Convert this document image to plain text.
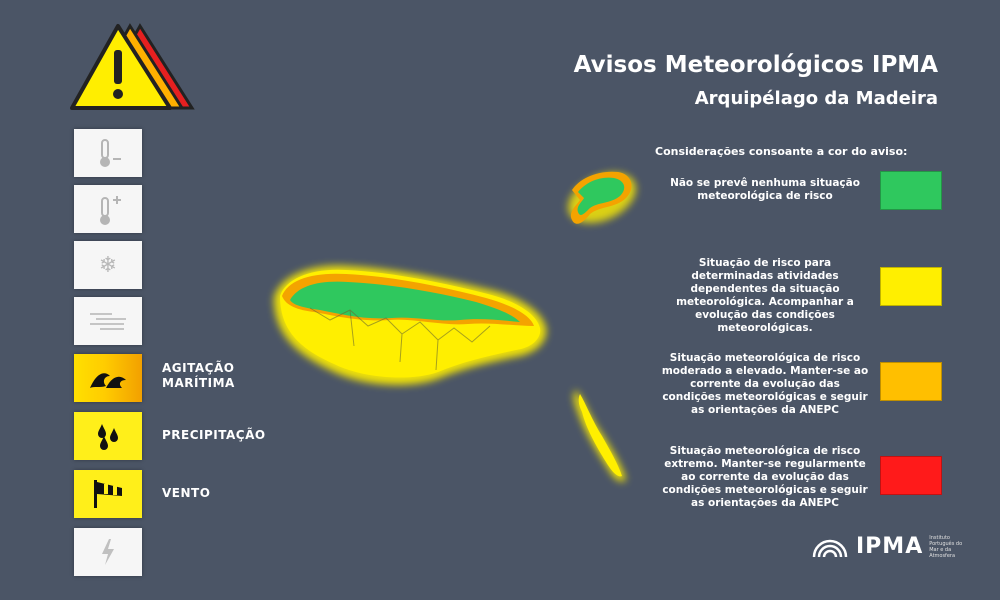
❄
AGITAÇÃO MARÍTIMA
PRECIPITAÇÃO
VENTO
Avisos Meteorológicos IPMA
Arquipélago da Madeira
Considerações consoante a cor do aviso:
Não se prevê nenhuma situação meteorológica de risco
Situação de risco para determinadas atividades dependentes da situação meteorológica. Acompanhar a evolução das condições meteorológicas.
Situação meteorológica de risco moderado a elevado. Manter-se ao corrente da evolução das condições meteorológicas e seguir as orientações da ANEPC
Situação meteorológica de risco extremo. Manter-se regularmente ao corrente da evolução das condições meteorológicas e seguir as orientações da ANEPC
IPMA Instituto Português do Mar e da Atmosfera
